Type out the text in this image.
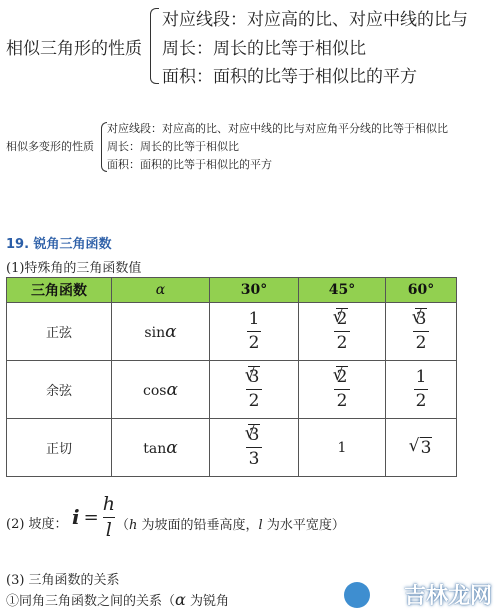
相似三角形的性质
对应线段：对应高的比、对应中线的比与
周长：周长的比等于相似比
面积：面积的比等于相似比的平方
相似多变形的性质
对应线段：对应高的比、对应中线的比与对应角平分线的比等于相似比
周长：周长的比等于相似比
面积：面积的比等于相似比的平方
19. 锐角三角函数
(1)特殊角的三角函数值
三角函数	α	30°	45°	60°
正弦	sinα	$\frac{1}{2}$	√ $\frac{2}{2}$	√ $\frac{3}{2}$

余弦	cosα	√ $\frac{3}{2}$	√ $\frac{2}{2}$	$\frac{1}{2}$

正切	tanα	√ $\frac{3}{3}$	1	√ 3
(2) 坡度： $i = \frac{h}{l} (h$ 为坡面的铅垂高度，l 为水平宽度）
(3) 三角函数的关系
①同角三角函数之间的关系（α 为锐角	吉林龙网
